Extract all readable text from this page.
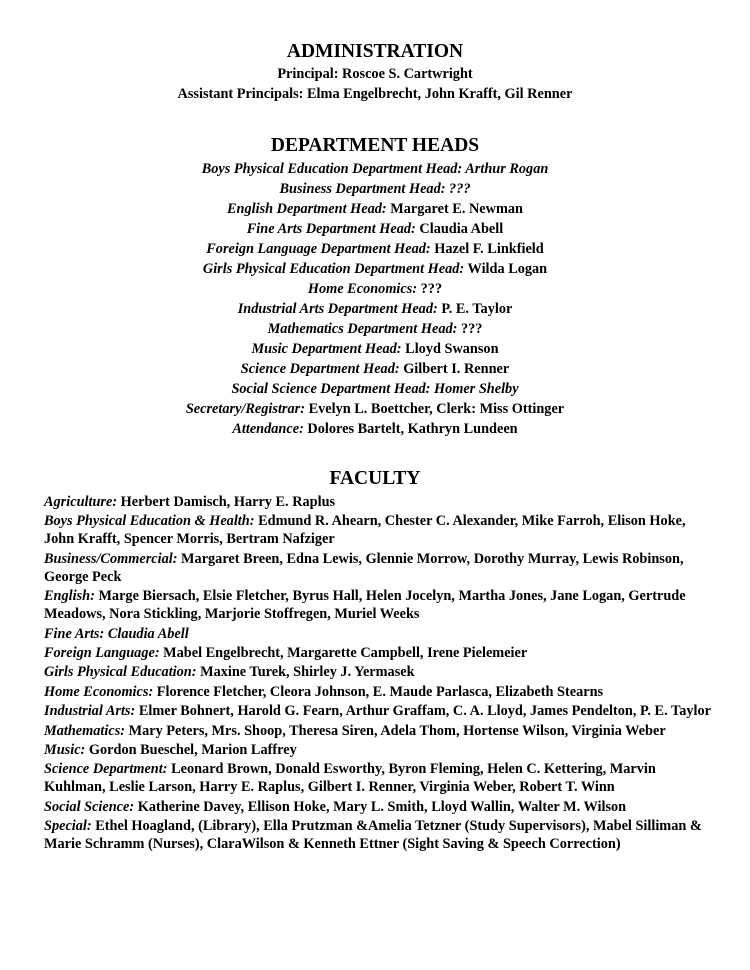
ADMINISTRATION
Principal: Roscoe S. Cartwright
Assistant Principals: Elma Engelbrecht, John Krafft, Gil Renner
DEPARTMENT HEADS
Boys Physical Education Department Head: Arthur Rogan
Business Department Head: ???
English Department Head: Margaret E. Newman
Fine Arts Department Head: Claudia Abell
Foreign Language Department Head: Hazel F. Linkfield
Girls Physical Education Department Head: Wilda Logan
Home Economics: ???
Industrial Arts Department Head: P. E. Taylor
Mathematics Department Head: ???
Music Department Head: Lloyd Swanson
Science Department Head: Gilbert I. Renner
Social Science Department Head: Homer Shelby
Secretary/Registrar: Evelyn L. Boettcher, Clerk: Miss Ottinger
Attendance: Dolores Bartelt, Kathryn Lundeen
FACULTY
Agriculture: Herbert Damisch, Harry E. Raplus
Boys Physical Education & Health: Edmund R. Ahearn, Chester C. Alexander, Mike Farroh, Elison Hoke, John Krafft, Spencer Morris, Bertram Nafziger
Business/Commercial: Margaret Breen, Edna Lewis, Glennie Morrow, Dorothy Murray, Lewis Robinson, George Peck
English: Marge Biersach, Elsie Fletcher, Byrus Hall, Helen Jocelyn, Martha Jones, Jane Logan, Gertrude Meadows, Nora Stickling, Marjorie Stoffregen, Muriel Weeks
Fine Arts: Claudia Abell
Foreign Language: Mabel Engelbrecht, Margarette Campbell, Irene Pielemeier
Girls Physical Education: Maxine Turek, Shirley J. Yermasek
Home Economics: Florence Fletcher, Cleora Johnson, E. Maude Parlasca, Elizabeth Stearns
Industrial Arts: Elmer Bohnert, Harold G. Fearn, Arthur Graffam, C. A. Lloyd, James Pendelton, P. E. Taylor
Mathematics: Mary Peters, Mrs. Shoop, Theresa Siren, Adela Thom, Hortense Wilson, Virginia Weber
Music: Gordon Bueschel, Marion Laffrey
Science Department: Leonard Brown, Donald Esworthy, Byron Fleming, Helen C. Kettering, Marvin Kuhlman, Leslie Larson, Harry E. Raplus, Gilbert I. Renner, Virginia Weber, Robert T. Winn
Social Science: Katherine Davey, Ellison Hoke, Mary L. Smith, Lloyd Wallin, Walter M. Wilson
Special: Ethel Hoagland, (Library), Ella Prutzman &Amelia Tetzner (Study Supervisors), Mabel Silliman & Marie Schramm (Nurses), ClaraWilson & Kenneth Ettner (Sight Saving & Speech Correction)
